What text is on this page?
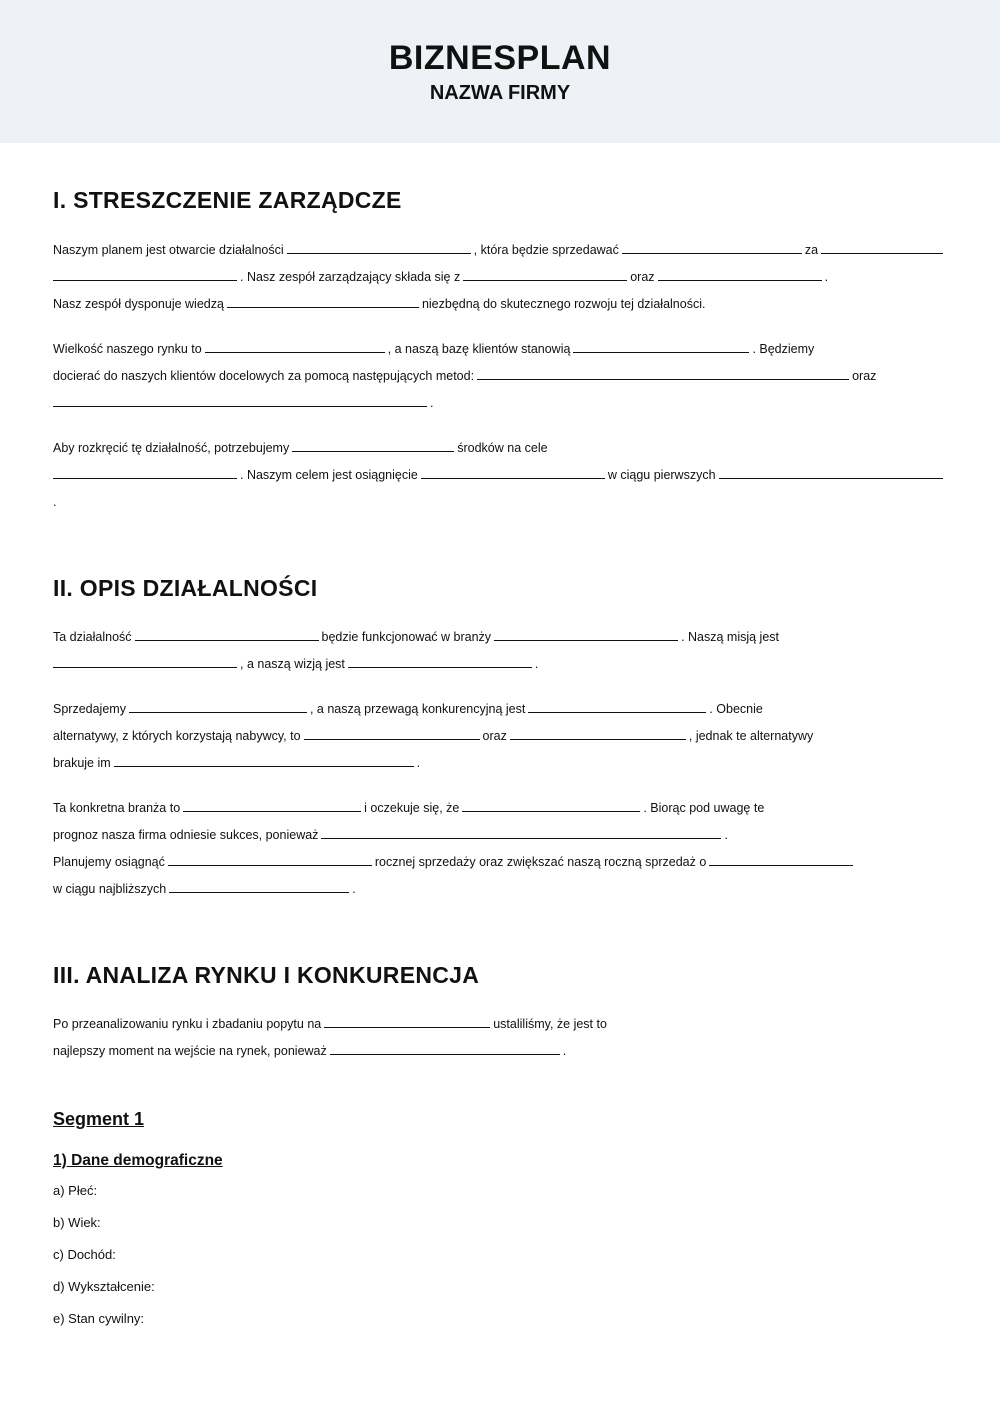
BIZNESPLAN
NAZWA FIRMY
I. STRESZCZENIE ZARZĄDCZE

Naszym planem jest otwarcie działalności	, która będzie sprzedawać	za

. Nasz zespół zarządzający składa się z	oraz	.

Nasz zespół dysponuje wiedzą	niezbędną do skutecznego rozwoju tej działalności.

Wielkość naszego rynku to	, a naszą bazę klientów stanowią	. Będziemy

docierać do naszych klientów docelowych za pomocą następujących metod:	oraz

.

Aby rozkręcić tę działalność, potrzebujemy	środków na cele

. Naszym celem jest osiągnięcie	w ciągu pierwszych.

II. OPIS DZIAŁALNOŚCI

Ta działalność	będzie funkcjonować w branży	. Naszą misją jest

, a naszą wizją jest	.

Sprzedajemy	, a naszą przewagą konkurencyjną jest	. Obecnie

alternatywy, z których korzystają nabywcy, to	oraz	, jednak te alternatywy

brakuje im	.

Ta konkretna branża to	i oczekuje się, że	. Biorąc pod uwagę te

prognoz nasza firma odniesie sukces, ponieważ	.

Planujemy osiągnąć	rocznej sprzedaży oraz zwiększać naszą roczną sprzedaż o

w ciągu najbliższych	.

III. ANALIZA RYNKU I KONKURENCJA

Po przeanalizowaniu rynku i zbadaniu popytu na	ustaliliśmy, że jest to

najlepszy moment na wejście na rynek, ponieważ	.

Segment 1
1) Dane demograficzne

a) Płeć:

b) Wiek:

c) Dochód:

d) Wykształcenie:

e) Stan cywilny:
